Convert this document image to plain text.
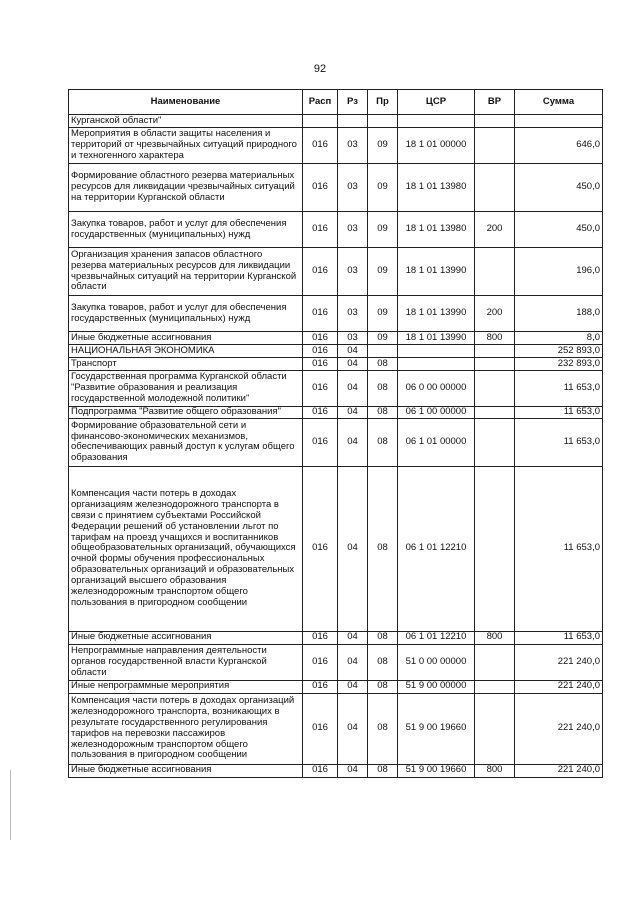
92
Наименование	Расп	Рз	Пр	ЦСР	ВР	Сумма
Курганской области"						
Мероприятия в области защиты населения и территорий от чрезвычайных ситуаций природного и техногенного характера	016	03	09	18 1 01 00000		646,0
Формирование областного резерва материальных ресурсов для ликвидации чрезвычайных ситуаций на территории Курганской области	016	03	09	18 1 01 13980		450,0
Закупка товаров, работ и услуг для обеспечения государственных (муниципальных) нужд	016	03	09	18 1 01 13980	200	450,0
Организация хранения запасов областного резерва материальных ресурсов для ликвидации чрезвычайных ситуаций на территории Курганской области	016	03	09	18 1 01 13990		196,0
Закупка товаров, работ и услуг для обеспечения государственных (муниципальных) нужд	016	03	09	18 1 01 13990	200	188,0
Иные бюджетные ассигнования	016	03	09	18 1 01 13990	800	8,0
НАЦИОНАЛЬНАЯ ЭКОНОМИКА	016	04				252 893,0
Транспорт	016	04	08			232 893,0
Государственная программа Курганской области "Развитие образования и реализация государственной молодежной политики"	016	04	08	06 0 00 00000		11 653,0
Подпрограмма "Развитие общего образования"	016	04	08	06 1 00 00000		11 653,0
Формирование образовательной сети и финансово-экономических механизмов, обеспечивающих равный доступ к услугам общего образования	016	04	08	06 1 01 00000		11 653,0
Компенсация части потерь в доходах организациям железнодорожного транспорта в связи с принятием субъектами Российской Федерации решений об установлении льгот по тарифам на проезд учащихся и воспитанников общеобразовательных организаций, обучающихся очной формы обучения профессиональных образовательных организаций и образовательных организаций высшего образования железнодорожным транспортом общего пользования в пригородном сообщении	016	04	08	06 1 01 12210		11 653,0
Иные бюджетные ассигнования	016	04	08	06 1 01 12210	800	11 653,0
Непрограммные направления деятельности органов государственной власти Курганской области	016	04	08	51 0 00 00000		221 240,0
Иные непрограммные мероприятия	016	04	08	51 9 00 00000		221 240,0
Компенсация части потерь в доходах организаций железнодорожного транспорта, возникающих в результате государственного регулирования тарифов на перевозки пассажиров железнодорожным транспортом общего пользования в пригородном сообщении	016	04	08	51 9 00 19660		221 240,0
Иные бюджетные ассигнования	016	04	08	51 9 00 19660	800	221 240,0
